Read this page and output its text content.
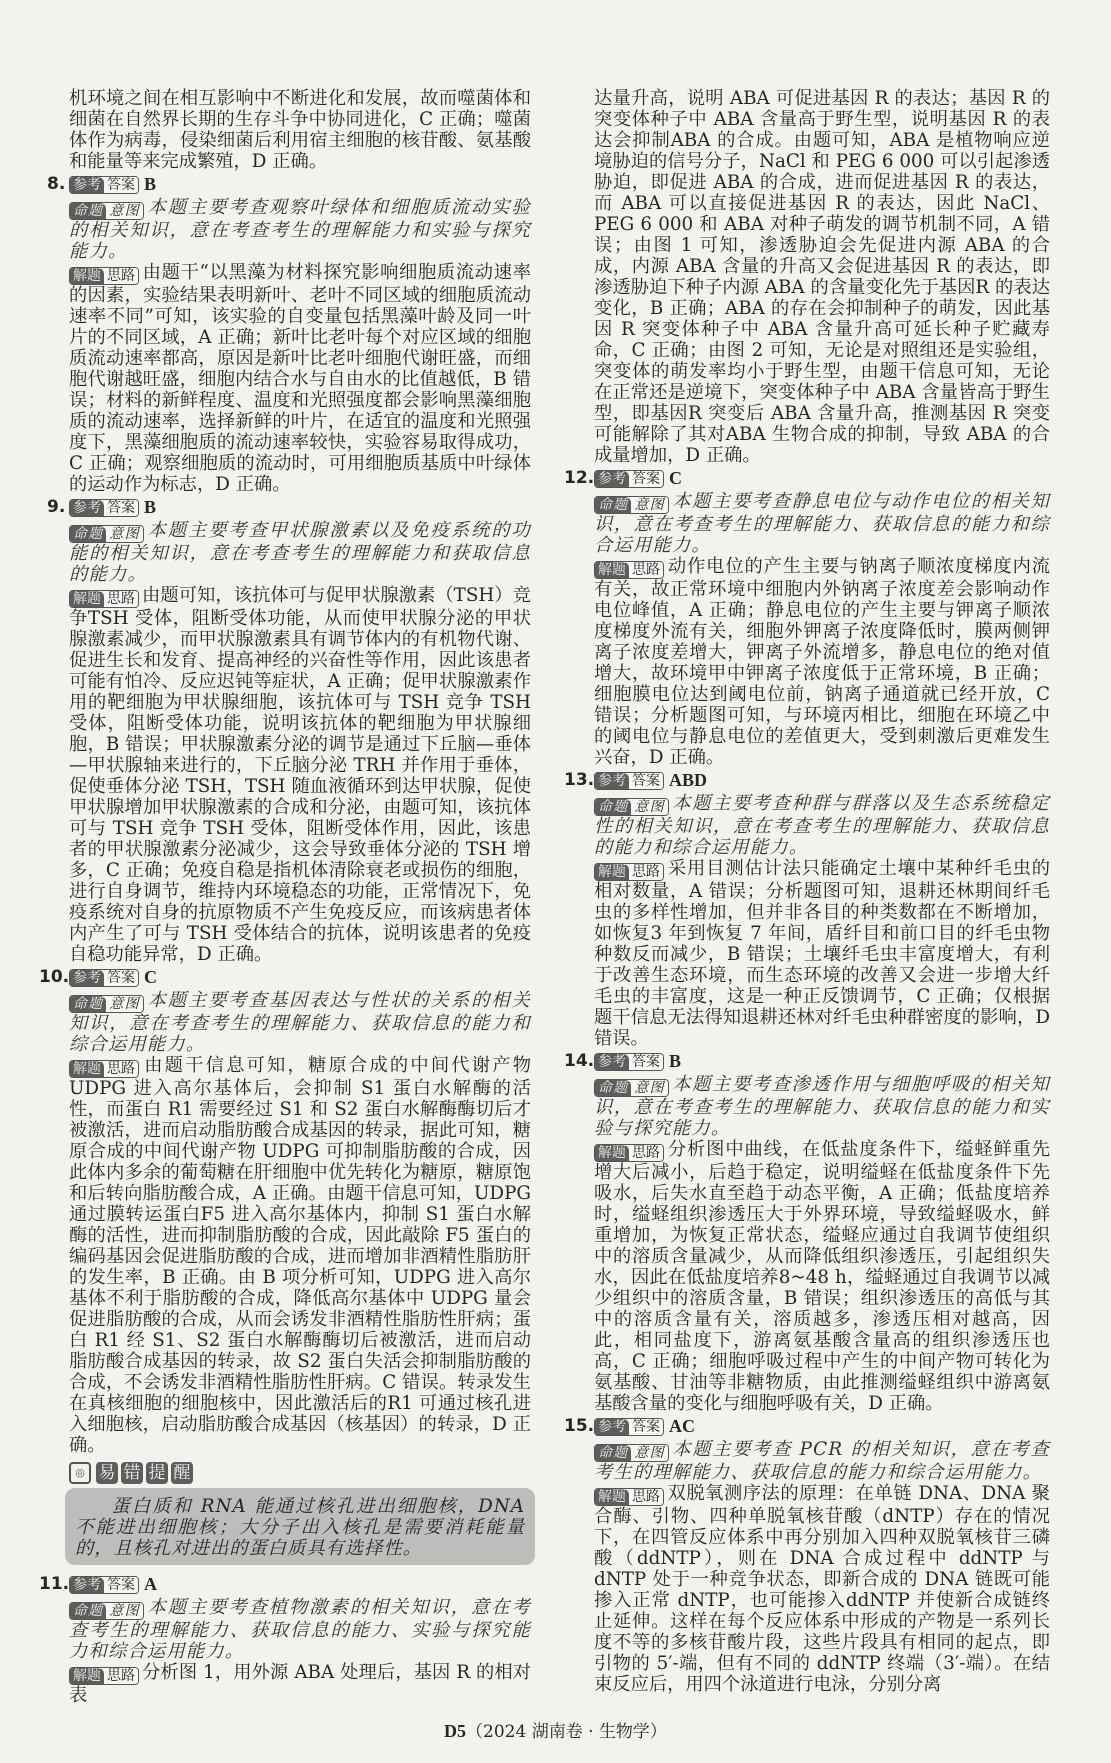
机环境之间在相互影响中不断进化和发展，故而噬菌体和细菌在自然界长期的生存斗争中协同进化，C 正确；噬菌体作为病毒，侵染细菌后利用宿主细胞的核苷酸、氨基酸和能量等来完成繁殖，D 正确。

8. 参考 答案 B

命题 意图 本题主要考查观察叶绿体和细胞质流动实验的相关知识，意在考查考生的理解能力和实验与探究能力。

解题 思路 由题干“以黑藻为材料探究影响细胞质流动速率的因素，实验结果表明新叶、老叶不同区域的细胞质流动速率不同”可知，该实验的自变量包括黑藻叶龄及同一叶片的不同区域，A 正确；新叶比老叶每个对应区域的细胞质流动速率都高，原因是新叶比老叶细胞代谢旺盛，而细胞代谢越旺盛，细胞内结合水与自由水的比值越低，B 错误；材料的新鲜程度、温度和光照强度都会影响黑藻细胞质的流动速率，选择新鲜的叶片，在适宜的温度和光照强度下，黑藻细胞质的流动速率较快，实验容易取得成功，C 正确；观察细胞质的流动时，可用细胞质基质中叶绿体的运动作为标志，D 正确。

9. 参考 答案 B

命题 意图 本题主要考查甲状腺激素以及免疫系统的功能的相关知识，意在考查考生的理解能力和获取信息的能力。

解题 思路 由题可知，该抗体可与促甲状腺激素（TSH）竞争TSH 受体，阻断受体功能，从而使甲状腺分泌的甲状腺激素减少，而甲状腺激素具有调节体内的有机物代谢、促进生长和发育、提高神经的兴奋性等作用，因此该患者可能有怕冷、反应迟钝等症状，A 正确；促甲状腺激素作用的靶细胞为甲状腺细胞，该抗体可与 TSH 竞争 TSH 受体，阻断受体功能，说明该抗体的靶细胞为甲状腺细胞，B 错误；甲状腺激素分泌的调节是通过下丘脑—垂体—甲状腺轴来进行的，下丘脑分泌 TRH 并作用于垂体，促使垂体分泌 TSH，TSH 随血液循环到达甲状腺，促使甲状腺增加甲状腺激素的合成和分泌，由题可知，该抗体可与 TSH 竞争 TSH 受体，阻断受体作用，因此，该患者的甲状腺激素分泌减少，这会导致垂体分泌的 TSH 增多，C 正确；免疫自稳是指机体清除衰老或损伤的细胞，进行自身调节，维持内环境稳态的功能，正常情况下，免疫系统对自身的抗原物质不产生免疫反应，而该病患者体内产生了可与 TSH 受体结合的抗体，说明该患者的免疫自稳功能异常，D 正确。

10. 参考 答案 C

命题 意图 本题主要考查基因表达与性状的关系的相关知识，意在考查考生的理解能力、获取信息的能力和综合运用能力。

解题 思路 由题干信息可知，糖原合成的中间代谢产物UDPG 进入高尔基体后，会抑制 S1 蛋白水解酶的活性，而蛋白 R1 需要经过 S1 和 S2 蛋白水解酶酶切后才被激活，进而启动脂肪酸合成基因的转录，据此可知，糖原合成的中间代谢产物 UDPG 可抑制脂肪酸的合成，因此体内多余的葡萄糖在肝细胞中优先转化为糖原，糖原饱和后转向脂肪酸合成，A 正确。由题干信息可知，UDPG 通过膜转运蛋白F5 进入高尔基体内，抑制 S1 蛋白水解酶的活性，进而抑制脂肪酸的合成，因此敲除 F5 蛋白的编码基因会促进脂肪酸的合成，进而增加非酒精性脂肪肝的发生率，B 正确。由 B 项分析可知，UDPG 进入高尔基体不利于脂肪酸的合成，降低高尔基体中 UDPG 量会促进脂肪酸的合成，从而会诱发非酒精性脂肪性肝病；蛋白 R1 经 S1、S2 蛋白水解酶酶切后被激活，进而启动脂肪酸合成基因的转录，故 S2 蛋白失活会抑制脂肪酸的合成，不会诱发非酒精性脂肪性肝病。C 错误。转录发生在真核细胞的细胞核中，因此激活后的R1 可通过核孔进入细胞核，启动脂肪酸合成基因（核基因）的转录，D 正确。

◎ 易 错 提 醒

蛋白质和 RNA 能通过核孔进出细胞核，DNA 不能进出细胞核；大分子出入核孔是需要消耗能量的，且核孔对进出的蛋白质具有选择性。

11. 参考 答案 A

命题 意图 本题主要考查植物激素的相关知识，意在考查考生的理解能力、获取信息的能力、实验与探究能力和综合运用能力。

解题 思路 分析图 1，用外源 ABA 处理后，基因 R 的相对表

达量升高，说明 ABA 可促进基因 R 的表达；基因 R 的突变体种子中 ABA 含量高于野生型，说明基因 R 的表达会抑制ABA 的合成。由题可知，ABA 是植物响应逆境胁迫的信号分子，NaCl 和 PEG 6 000 可以引起渗透胁迫，即促进 ABA 的合成，进而促进基因 R 的表达，而 ABA 可以直接促进基因 R 的表达，因此 NaCl、PEG 6 000 和 ABA 对种子萌发的调节机制不同，A 错误；由图 1 可知，渗透胁迫会先促进内源 ABA 的合成，内源 ABA 含量的升高又会促进基因 R 的表达，即渗透胁迫下种子内源 ABA 的含量变化先于基因R 的表达变化，B 正确；ABA 的存在会抑制种子的萌发，因此基因 R 突变体种子中 ABA 含量升高可延长种子贮藏寿命，C 正确；由图 2 可知，无论是对照组还是实验组，突变体的萌发率均小于野生型，由题干信息可知，无论在正常还是逆境下，突变体种子中 ABA 含量皆高于野生型，即基因R 突变后 ABA 含量升高，推测基因 R 突变可能解除了其对ABA 生物合成的抑制，导致 ABA 的合成量增加，D 正确。

12. 参考 答案 C

命题 意图 本题主要考查静息电位与动作电位的相关知识，意在考查考生的理解能力、获取信息的能力和综合运用能力。

解题 思路 动作电位的产生主要与钠离子顺浓度梯度内流有关，故正常环境中细胞内外钠离子浓度差会影响动作电位峰值，A 正确；静息电位的产生主要与钾离子顺浓度梯度外流有关，细胞外钾离子浓度降低时，膜两侧钾离子浓度差增大，钾离子外流增多，静息电位的绝对值增大，故环境甲中钾离子浓度低于正常环境，B 正确；细胞膜电位达到阈电位前，钠离子通道就已经开放，C 错误；分析题图可知，与环境丙相比，细胞在环境乙中的阈电位与静息电位的差值更大，受到刺激后更难发生兴奋，D 正确。

13. 参考 答案 ABD

命题 意图 本题主要考查种群与群落以及生态系统稳定性的相关知识，意在考查考生的理解能力、获取信息的能力和综合运用能力。

解题 思路 采用目测估计法只能确定土壤中某种纤毛虫的相对数量，A 错误；分析题图可知，退耕还林期间纤毛虫的多样性增加，但并非各目的种类数都在不断增加，如恢复3 年到恢复 7 年间，盾纤目和前口目的纤毛虫物种数反而减少，B 错误；土壤纤毛虫丰富度增大，有利于改善生态环境，而生态环境的改善又会进一步增大纤毛虫的丰富度，这是一种正反馈调节，C 正确；仅根据题干信息无法得知退耕还林对纤毛虫种群密度的影响，D 错误。

14. 参考 答案 B

命题 意图 本题主要考查渗透作用与细胞呼吸的相关知识，意在考查考生的理解能力、获取信息的能力和实验与探究能力。

解题 思路 分析图中曲线，在低盐度条件下，缢蛏鲜重先增大后减小，后趋于稳定，说明缢蛏在低盐度条件下先吸水，后失水直至趋于动态平衡，A 正确；低盐度培养时，缢蛏组织渗透压大于外界环境，导致缢蛏吸水，鲜重增加，为恢复正常状态，缢蛏应通过自我调节使组织中的溶质含量减少，从而降低组织渗透压，引起组织失水，因此在低盐度培养8~48 h，缢蛏通过自我调节以减少组织中的溶质含量，B 错误；组织渗透压的高低与其中的溶质含量有关，溶质越多，渗透压相对越高，因此，相同盐度下，游离氨基酸含量高的组织渗透压也高，C 正确；细胞呼吸过程中产生的中间产物可转化为氨基酸、甘油等非糖物质，由此推测缢蛏组织中游离氨基酸含量的变化与细胞呼吸有关，D 正确。

15. 参考 答案 AC

命题 意图 本题主要考查 PCR 的相关知识，意在考查考生的理解能力、获取信息的能力和综合运用能力。

解题 思路 双脱氧测序法的原理：在单链 DNA、DNA 聚合酶、引物、四种单脱氧核苷酸（dNTP）存在的情况下，在四管反应体系中再分别加入四种双脱氧核苷三磷酸（ddNTP），则在 DNA 合成过程中 ddNTP 与 dNTP 处于一种竞争状态，即新合成的 DNA 链既可能掺入正常 dNTP，也可能掺入ddNTP 并使新合成链终止延伸。这样在每个反应体系中形成的产物是一系列长度不等的多核苷酸片段，这些片段具有相同的起点，即引物的 5′-端，但有不同的 ddNTP 终端（3′-端）。在结束反应后，用四个泳道进行电泳，分别分离

D5（2024 湖南卷 · 生物学）
